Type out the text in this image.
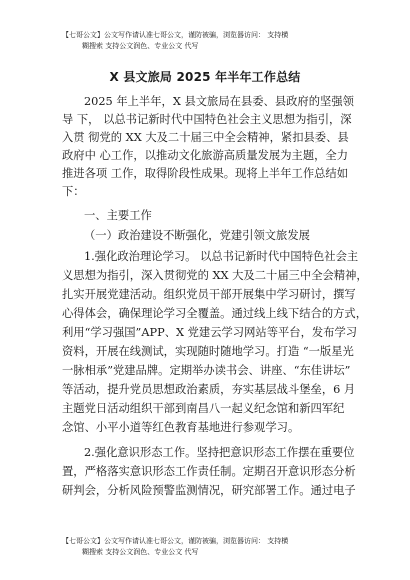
【七哥公文】公文写作请认准七哥公文，谨防被骗，浏览器访问： 支持横
糊搜索 支持公文润色、专业公文 代写
X 县文旅局 2025 年半年工作总结
2025 年上半年，X 县文旅局在县委、县政府的坚强领
导 下， 以总书记新时代中国特色社会主义思想为指引，深
入贯 彻党的 XX 大及二十届三中全会精神，紧扣县委、县
政府中 心工作，以推动文化旅游高质量发展为主题，全力
推进各项 工作，取得阶段性成果。现将上半年工作总结如
下：
一、主要工作
（一）政治建设不断强化，党建引领文旅发展
1.强化政治理论学习。 以总书记新时代中国特色社会主
义思想为指引，深入贯彻党的 XX 大及二十届三中全会精神，
扎实开展党建活动。组织党员干部开展集中学习研讨，撰写
心得体会，确保理论学习全覆盖。通过线上线下结合的方式，
利用“学习强国”APP、X 党建云学习网站等平台，发布学习
资料，开展在线测试，实现随时随地学习。打造 “一版星光
一脉相承”党建品牌。定期举办读书会、讲座、“东佳讲坛”
等活动，提升党员思想政治素质，夯实基层战斗堡垒，6 月
主题党日活动组织干部到南昌八一起义纪念馆和新四军纪
念馆、小平小道等红色教育基地进行参观学习。
2.强化意识形态工作。坚持把意识形态工作摆在重要位
置，严格落实意识形态工作责任制。定期召开意识形态分析
研判会，分析风险预警监测情况，研究部署工作。通过电子
【七哥公文】公文写作请认准七哥公文，谨防被骗，浏览器访问： 支持横
糊搜索 支持公文润色、专业公文 代写
